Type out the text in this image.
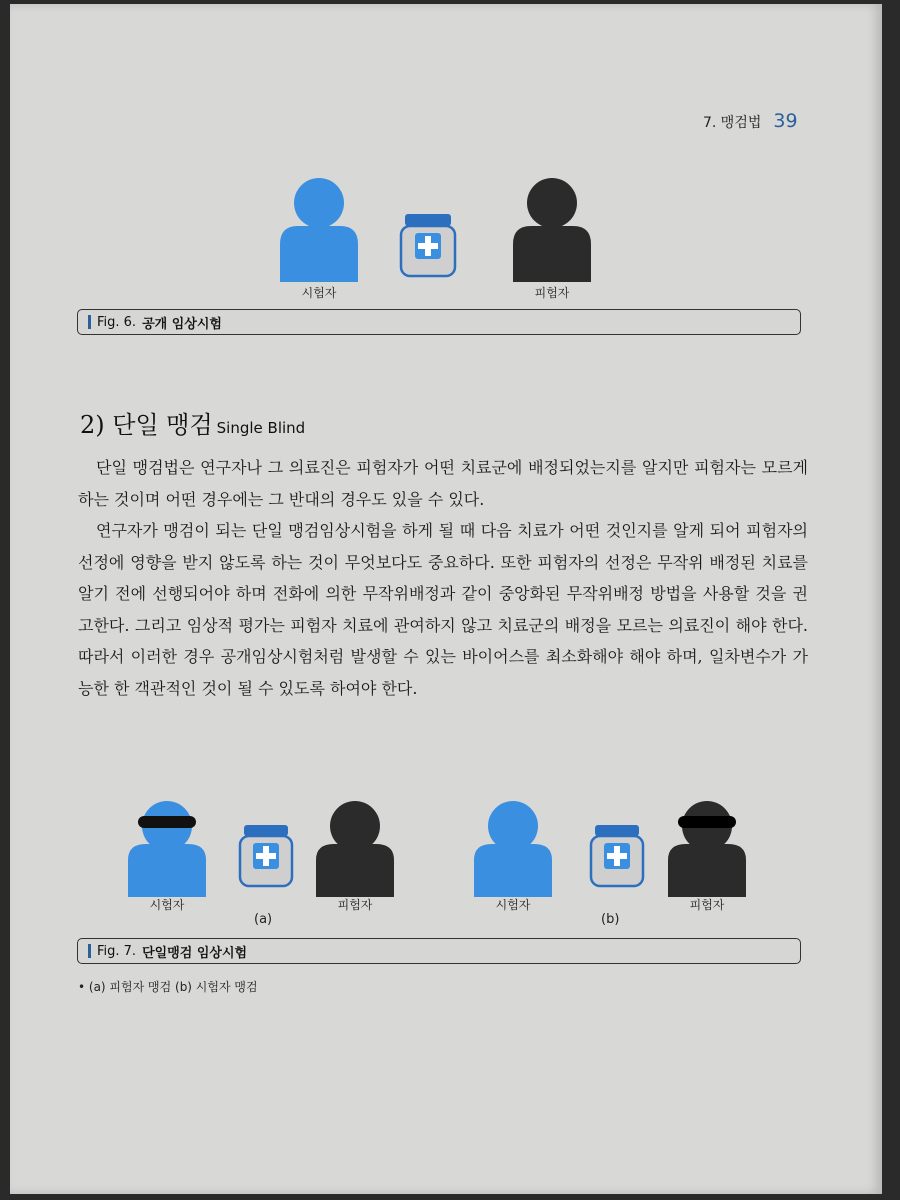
7. 맹검법 39
시험자	피험자
Fig. 6. 공개 임상시험
2) 단일 맹검 Single Blind

단일 맹검법은 연구자나 그 의료진은 피험자가 어떤 치료군에 배정되었는지를 알지만 피험자는 모르게 하는 것이며 어떤 경우에는 그 반대의 경우도 있을 수 있다.

연구자가 맹검이 되는 단일 맹검임상시험을 하게 될 때 다음 치료가 어떤 것인지를 알게 되어 피험자의 선정에 영향을 받지 않도록 하는 것이 무엇보다도 중요하다. 또한 피험자의 선정은 무작위 배정된 치료를 알기 전에 선행되어야 하며 전화에 의한 무작위배정과 같이 중앙화된 무작위배정 방법을 사용할 것을 권고한다. 그리고 임상적 평가는 피험자 치료에 관여하지 않고 치료군의 배정을 모르는 의료진이 해야 한다. 따라서 이러한 경우 공개임상시험처럼 발생할 수 있는 바이어스를 최소화해야 해야 하며, 일차변수가 가능한 한 객관적인 것이 될 수 있도록 하여야 한다.

시험자	피험자
(a)
시험자	피험자
(b)
Fig. 7. 단일맹검 임상시험
• (a) 피험자 맹검 (b) 시험자 맹검
